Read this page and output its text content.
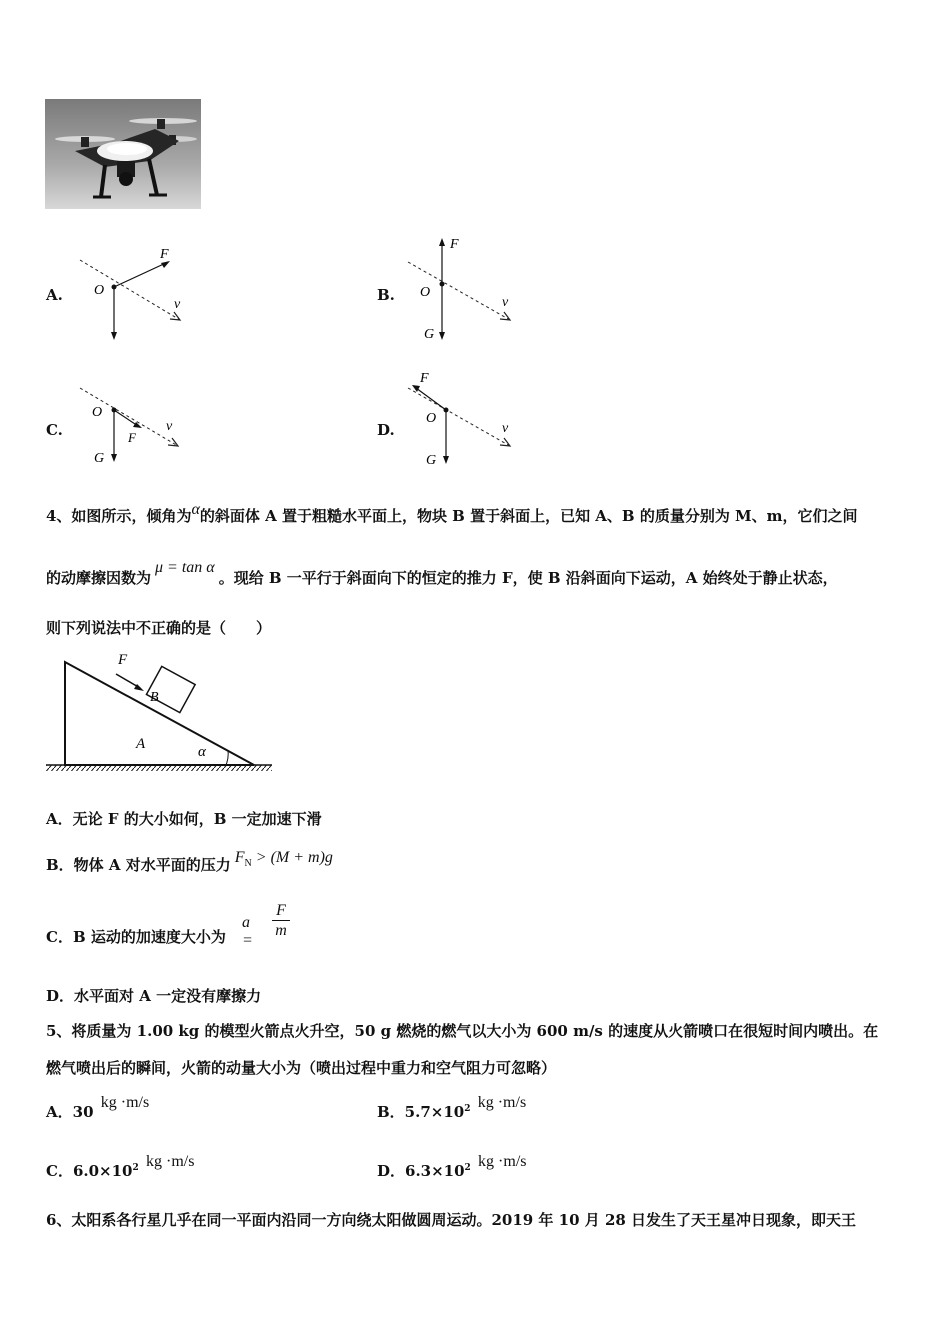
A.
F
O
v
B.
F
O
v
G
C.	F
O
v
G
D.
F
O
v
G
4、如图所示，倾角为α的斜面体 A 置于粗糙水平面上，物块 B 置于斜面上，已知 A、B 的质量分别为 M、m，它们之间
的动摩擦因数为μ = tan α。现给 B 一平行于斜面向下的恒定的推力 F，使 B 沿斜面向下运动，A 始终处于静止状态，
则下列说法中不正确的是（　　）
F
B
A	α
A．无论 F 的大小如何，B 一定加速下滑
B．物体 A 对水平面的压力 $F_N > (M + m)g$
C．B 运动的加速度大小为
$a = \frac{F}{m}$
D．水平面对 A 一定没有摩擦力
5、将质量为 1.00 kg 的模型火箭点火升空，50 g 燃烧的燃气以大小为 600 m/s 的速度从火箭喷口在很短时间内喷出。在
燃气喷出后的瞬间，火箭的动量大小为（喷出过程中重力和空气阻力可忽略）
A．30 kg ·m/s
B．$5.7\times 10^2$ kg ·m/s
C．$6.0\times 10^2$ kg ·m/s
D．$6.3\times 10^2$ kg ·m/s
6、太阳系各行星几乎在同一平面内沿同一方向绕太阳做圆周运动。2019 年 10 月 28 日发生了天王星冲日现象，即天王
